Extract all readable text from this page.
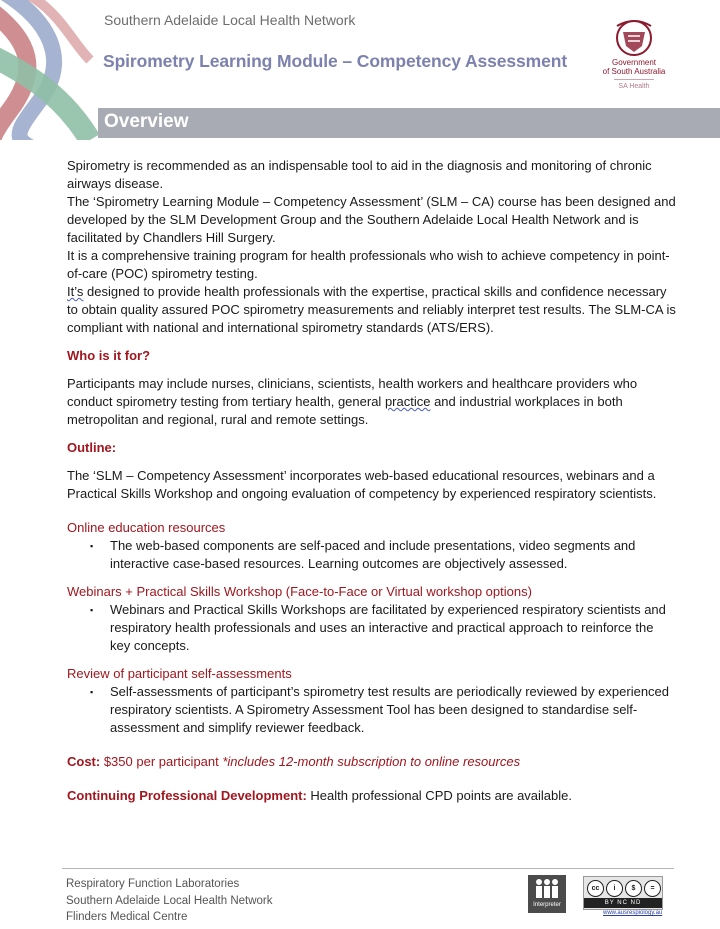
Southern Adelaide Local Health Network
Spirometry Learning Module – Competency Assessment	Government
of South Australia
SA Health
Overview

Spirometry is recommended as an indispensable tool to aid in the diagnosis and monitoring of chronic airways disease.

The ‘Spirometry Learning Module – Competency Assessment’ (SLM – CA) course has been designed and developed by the SLM Development Group and the Southern Adelaide Local Health Network and is facilitated by Chandlers Hill Surgery.

It is a comprehensive training program for health professionals who wish to achieve competency in point-of-care (POC) spirometry testing.

It’s designed to provide health professionals with the expertise, practical skills and confidence necessary to obtain quality assured POC spirometry measurements and reliably interpret test results. The SLM-CA is compliant with national and international spirometry standards (ATS/ERS).

Who is it for?

Participants may include nurses, clinicians, scientists, health workers and healthcare providers who conduct spirometry testing from tertiary health, general practice and industrial workplaces in both metropolitan and regional, rural and remote settings.

Outline:

The ‘SLM – Competency Assessment’ incorporates web-based educational resources, webinars and a Practical Skills Workshop and ongoing evaluation of competency by experienced respiratory scientists.

Online education resources

▪ The web-based components are self-paced and include presentations, video segments and interactive case-based resources. Learning outcomes are objectively assessed.

Webinars + Practical Skills Workshop (Face-to-Face or Virtual workshop options)

▪ Webinars and Practical Skills Workshops are facilitated by experienced respiratory scientists and respiratory health professionals and uses an interactive and practical approach to reinforce the key concepts.

Review of participant self-assessments

▪ Self-assessments of participant’s spirometry test results are periodically reviewed by experienced respiratory scientists. A Spirometry Assessment Tool has been designed to standardise self-assessment and simplify reviewer feedback.

Cost: $350 per participant *includes 12-month subscription to online resources

Continuing Professional Development: Health professional CPD points are available.

Respiratory Function Laboratories
Southern Adelaide Local Health Network
Flinders Medical Centre
Interpreter
cc	i	$	=
BY NC ND
www.ausrespiology.au
